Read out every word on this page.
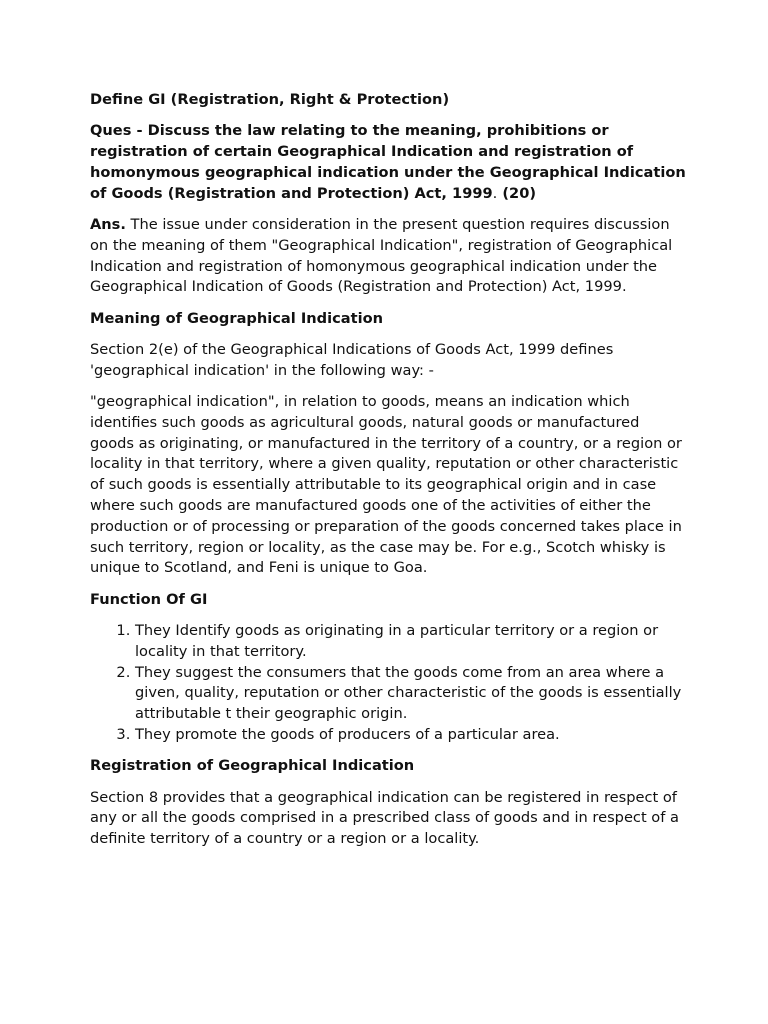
Define GI (Registration, Right & Protection)

Ques - Discuss the law relating to the meaning, prohibitions or registration of certain Geographical Indication and registration of homonymous geographical indication under the Geographical Indication of Goods (Registration and Protection) Act, 1999. (20)

Ans. The issue under consideration in the present question requires discussion on the meaning of them "Geographical Indication", registration of Geographical Indication and registration of homonymous geographical indication under the Geographical Indication of Goods (Registration and Protection) Act, 1999.

Meaning of Geographical Indication

Section 2(e) of the Geographical Indications of Goods Act, 1999 defines 'geographical indication' in the following way: -

"geographical indication", in relation to goods, means an indication which identifies such goods as agricultural goods, natural goods or manufactured goods as originating, or manufactured in the territory of a country, or a region or locality in that territory, where a given quality, reputation or other characteristic of such goods is essentially attributable to its geographical origin and in case where such goods are manufactured goods one of the activities of either the production or of processing or preparation of the goods concerned takes place in such territory, region or locality, as the case may be. For e.g., Scotch whisky is unique to Scotland, and Feni is unique to Goa.

Function Of GI

1. They Identify goods as originating in a particular territory or a region or locality in that territory.
2. They suggest the consumers that the goods come from an area where a given, quality, reputation or other characteristic of the goods is essentially attributable t their geographic origin.
3. They promote the goods of producers of a particular area.

Registration of Geographical Indication

Section 8 provides that a geographical indication can be registered in respect of any or all the goods comprised in a prescribed class of goods and in respect of a definite territory of a country or a region or a locality.
